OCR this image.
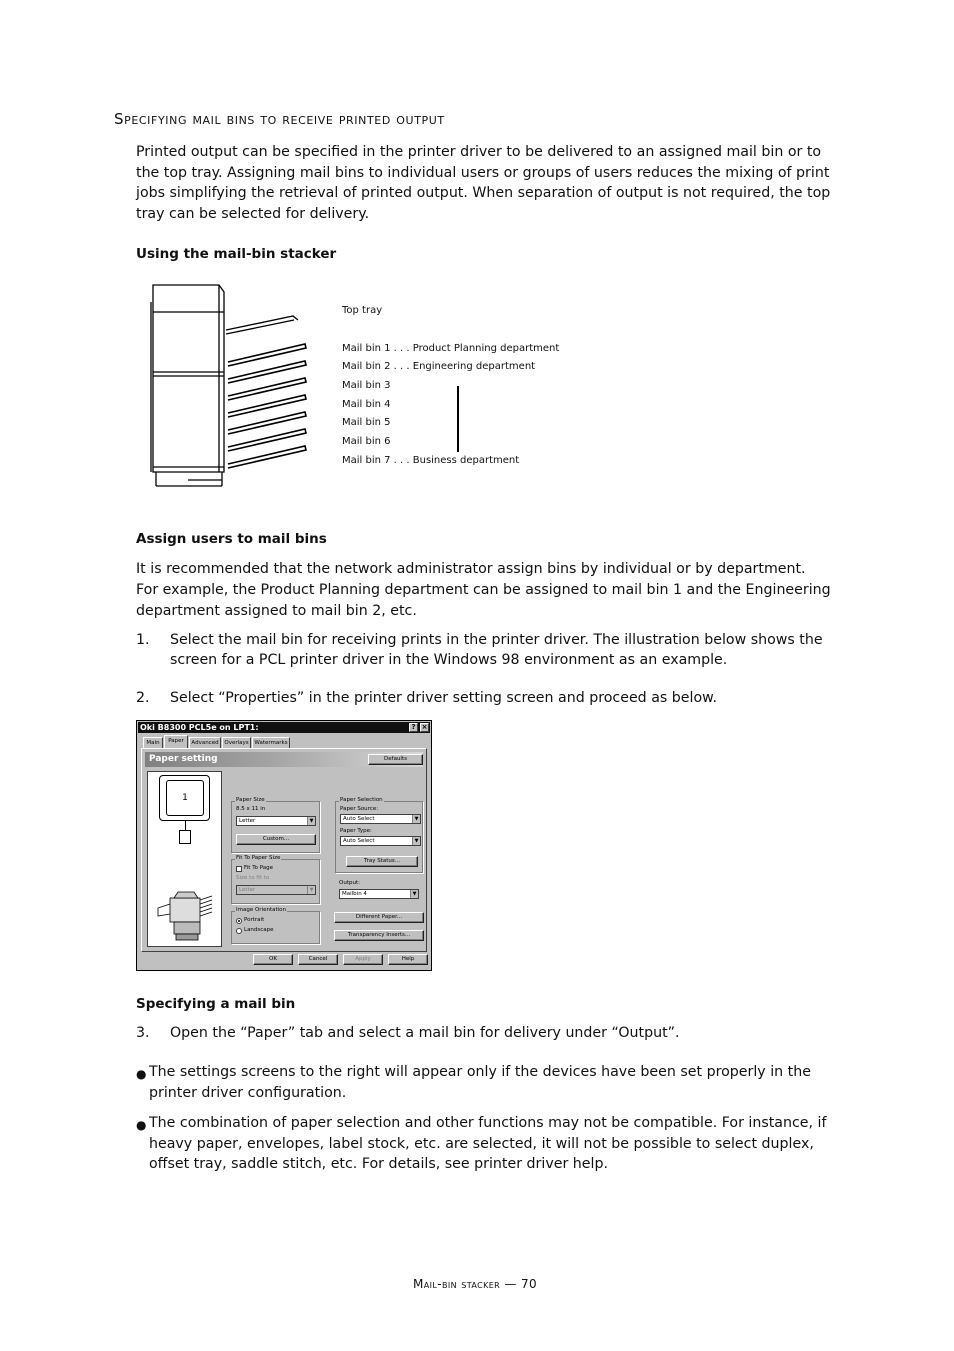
Specifying mail bins to receive printed output
Printed output can be specified in the printer driver to be delivered to an assigned mail bin or to the top tray. Assigning mail bins to individual users or groups of users reduces the mixing of print jobs simplifying the retrieval of printed output. When separation of output is not required, the top tray can be selected for delivery.
Using the mail-bin stacker
Top tray
Mail bin 1 . . . Product Planning department
Mail bin 2 . . . Engineering department
Mail bin 3
Mail bin 4
Mail bin 5
Mail bin 6
Mail bin 7 . . . Business department
Assign users to mail bins
It is recommended that the network administrator assign bins by individual or by department.
For example, the Product Planning department can be assigned to mail bin 1 and the Engineering department assigned to mail bin 2, etc.
1. Select the mail bin for receiving prints in the printer driver. The illustration below shows the screen for a PCL printer driver in the Windows 98 environment as an example.
2. Select “Properties” in the printer driver setting screen and proceed as below.
Oki B8300 PCL5e on LPT1:	? ×
Main	Paper	Advanced	Overlays	Watermarks
Paper setting	Defaults
1	Paper Size
8.5 x 11 in
Letter	▼
Custom...
Fit To Paper Size
Fit To Page
Size to fit to
Letter	▼
Image Orientation
Portrait
Landscape
Paper Selection
Paper Source:
Auto Select	▼
Paper Type:
Auto Select	▼
Tray Status...
Output:
Mailbin 4	▼
Different Paper...
Transparency Inserts...
OK	Cancel	Apply	Help
Specifying a mail bin
3. Open the “Paper” tab and select a mail bin for delivery under “Output”.
● The settings screens to the right will appear only if the devices have been set properly in the printer driver configuration.
● The combination of paper selection and other functions may not be compatible. For instance, if heavy paper, envelopes, label stock, etc. are selected, it will not be possible to select duplex, offset tray, saddle stitch, etc. For details, see printer driver help.
Mail-bin stacker — 70
